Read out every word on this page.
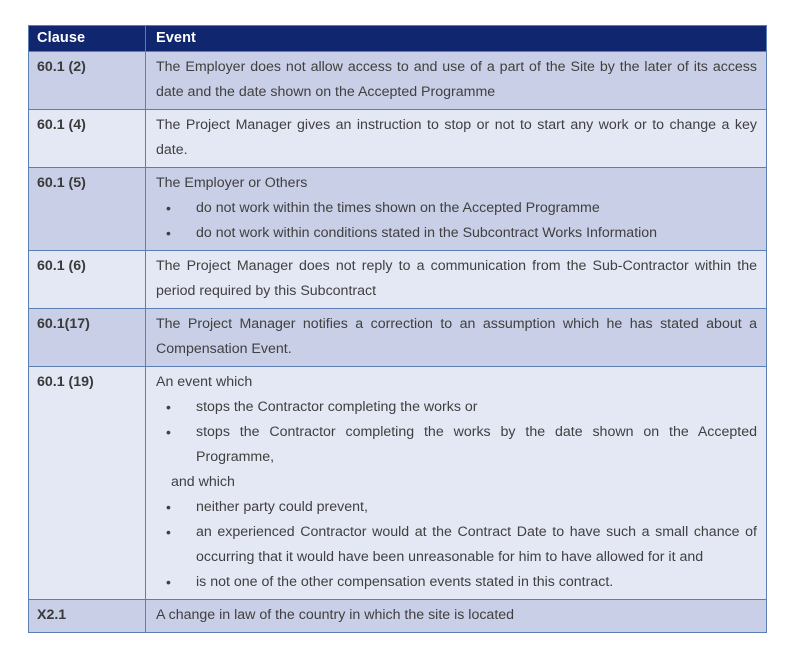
Clause	Event
60.1 (2)	The Employer does not allow access to and use of a part of the Site by the later of its access date and the date shown on the Accepted Programme

60.1 (4)	The Project Manager gives an instruction to stop or not to start any work or to change a key date.

60.1 (5)	The Employer or Others

• do not work within the times shown on the Accepted Programme
• do not work within conditions stated in the Subcontract Works Information

60.1 (6)	The Project Manager does not reply to a communication from the Sub-Contractor within the period required by this Subcontract

60.1(17)	The Project Manager notifies a correction to an assumption which he has stated about a Compensation Event.

60.1 (19)	An event which

• stops the Contractor completing the works or
• stops the Contractor completing the works by the date shown on the Accepted Programme,

and which

• neither party could prevent,
• an experienced Contractor would at the Contract Date to have such a small chance of occurring that it would have been unreasonable for him to have allowed for it and
• is not one of the other compensation events stated in this contract.

X2.1	A change in law of the country in which the site is located
